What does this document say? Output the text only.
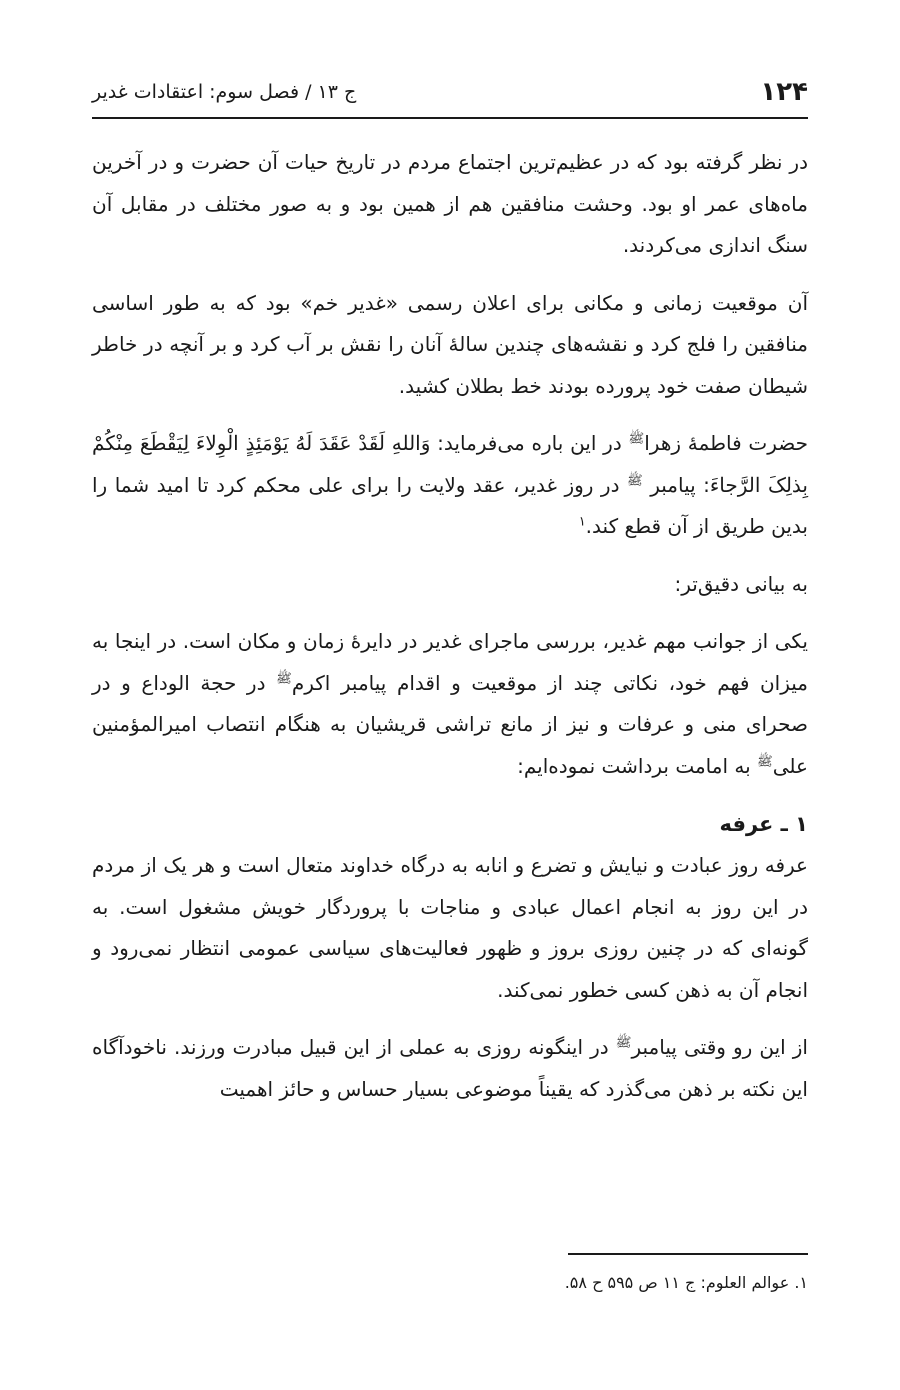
۱۲۴
ج ۱۳ / فصل سوم: اعتقادات غدیر

در نظر گرفته بود که در عظیم‌ترین اجتماع مردم در تاریخ حیات آن حضرت و در آخرین ماه‌های عمر او بود. وحشت منافقین هم از همین بود و به صور مختلف در مقابل آن سنگ اندازی می‌کردند.

آن موقعیت زمانی و مکانی برای اعلان رسمی «غدیر خم» بود که به طور اساسی منافقین را فلج کرد و نقشه‌های چندین سالهٔ آنان را نقش بر آب کرد و بر آنچه در خاطر شیطان صفت خود پرورده بودند خط بطلان کشید.

حضرت فاطمهٔ زهرا$^ﷺ$ در این باره می‌فرماید: وَاللهِ لَقَدْ عَقَدَ لَهُ یَوْمَئِذٍ الْوِلاءَ لِیَقْطَعَ مِنْکُمْ بِذلِکَ الرَّجاءَ: پیامبر $^ﷺ$ در روز غدیر، عقد ولایت را برای علی محکم کرد تا امید شما را بدین طریق از آن قطع کند.$^۱$

به بیانی دقیق‌تر:

یکی از جوانب مهم غدیر، بررسی ماجرای غدیر در دایرهٔ زمان و مکان است. در اینجا به میزان فهم خود، نکاتی چند از موقعیت و اقدام پیامبر اکرم$^ﷺ$ در حجة الوداع و در صحرای منی و عرفات و نیز از مانع تراشی قریشیان به هنگام انتصاب امیرالمؤمنین علی$^ﷺ$ به امامت برداشت نموده‌ایم:

۱ ـ عرفه

عرفه روز عبادت و نیایش و تضرع و انابه به درگاه خداوند متعال است و هر یک از مردم در این روز به انجام اعمال عبادی و مناجات با پروردگار خویش مشغول است. به گونه‌ای که در چنین روزی بروز و ظهور فعالیت‌های سیاسی عمومی انتظار نمی‌رود و انجام آن به ذهن کسی خطور نمی‌کند.

از این رو وقتی پیامبر$^ﷺ$ در اینگونه روزی به عملی از این قبیل مبادرت ورزند. ناخودآگاه این نکته بر ذهن می‌گذرد که یقیناً موضوعی بسیار حساس و حائز اهمیت

۱. عوالم العلوم: ج ۱۱ ص ۵۹۵ ح ۵۸.
